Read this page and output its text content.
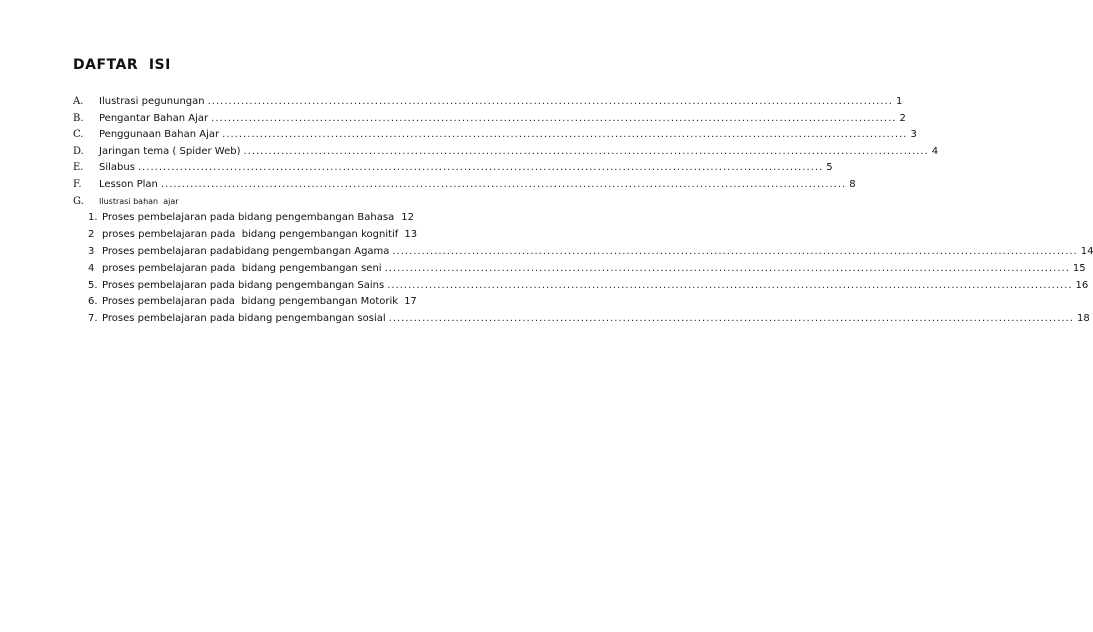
DAFTAR  ISI
A.	Ilustrasi pegunungan .................................................................................................................................................................... 1
B.	Pengantar Bahan Ajar .................................................................................................................................................................... 2
C.	Penggunaan Bahan Ajar .................................................................................................................................................................... 3
D.	Jaringan tema ( Spider Web) .................................................................................................................................................................... 4
E.	Silabus .................................................................................................................................................................... 5
F.	Lesson Plan .................................................................................................................................................................... 8
G.	Ilustrasi bahan  ajar
1. Proses pembelajaran pada bidang pengembangan Bahasa 12
2 proses pembelajaran pada  bidang pengembangan kognitif 13
3 Proses pembelajaran padabidang pengembangan Agama .................................................................................................................................................................... 14
4 proses pembelajaran pada  bidang pengembangan seni .................................................................................................................................................................... 15
5. Proses pembelajaran pada bidang pengembangan Sains .................................................................................................................................................................... 16
6. Proses pembelajaran pada  bidang pengembangan Motorik 17
7. Proses pembelajaran pada bidang pengembangan sosial .................................................................................................................................................................... 18
